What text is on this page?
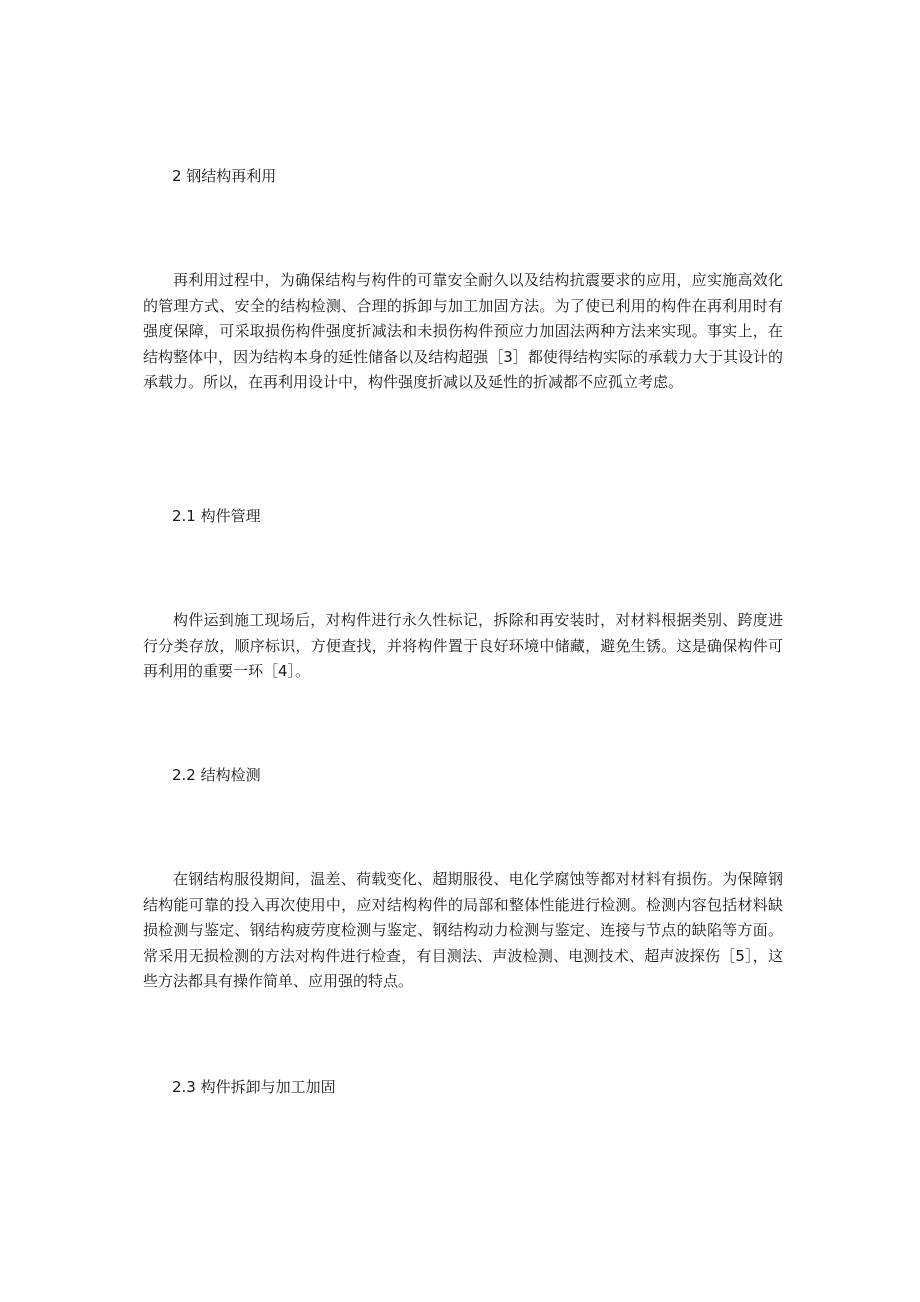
2 钢结构再利用

再利用过程中，为确保结构与构件的可靠安全耐久以及结构抗震要求的应用，应实施高效化的管理方式、安全的结构检测、合理的拆卸与加工加固方法。为了使已利用的构件在再利用时有强度保障，可采取损伤构件强度折减法和未损伤构件预应力加固法两种方法来实现。事实上，在结构整体中，因为结构本身的延性储备以及结构超强［3］都使得结构实际的承载力大于其设计的承载力。所以，在再利用设计中，构件强度折减以及延性的折减都不应孤立考虑。

2.1 构件管理

构件运到施工现场后，对构件进行永久性标记，拆除和再安装时，对材料根据类别、跨度进行分类存放，顺序标识，方便查找，并将构件置于良好环境中储藏，避免生锈。这是确保构件可再利用的重要一环［4］。

2.2 结构检测

在钢结构服役期间，温差、荷载变化、超期服役、电化学腐蚀等都对材料有损伤。为保障钢结构能可靠的投入再次使用中，应对结构构件的局部和整体性能进行检测。检测内容包括材料缺损检测与鉴定、钢结构疲劳度检测与鉴定、钢结构动力检测与鉴定、连接与节点的缺陷等方面。常采用无损检测的方法对构件进行检查，有目测法、声波检测、电测技术、超声波探伤［5］，这些方法都具有操作简单、应用强的特点。

2.3 构件拆卸与加工加固
